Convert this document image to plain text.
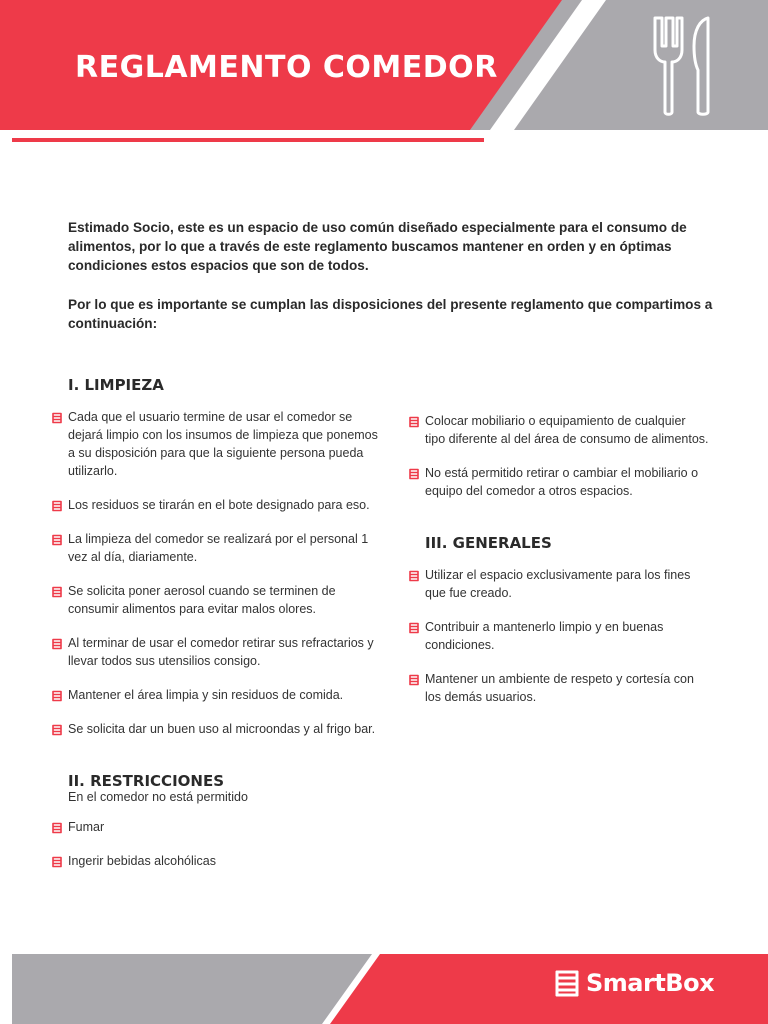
REGLAMENTO COMEDOR

Estimado Socio, este es un espacio de uso común diseñado especialmente para el consumo de alimentos, por lo que a través de este reglamento buscamos mantener en orden y en óptimas condiciones estos espacios que son de todos.

Por lo que es importante se cumplan las disposiciones del presente reglamento que compartimos a continuación:

I. LIMPIEZA
Cada que el usuario termine de usar el comedor se dejará limpio con los insumos de limpieza que ponemos a su disposición para que la siguiente persona pueda utilizarlo.
Los residuos se tirarán en el bote designado para eso.
La limpieza del comedor se realizará por el personal 1 vez al día, diariamente.
Se solicita poner aerosol cuando se terminen de consumir alimentos para evitar malos olores.
Al terminar de usar el comedor retirar sus refractarios y llevar todos sus utensilios consigo.
Mantener el área limpia y sin residuos de comida.
Se solicita dar un buen uso al microondas y al frigo bar.
II. RESTRICCIONES
En el comedor no está permitido
Fumar
Ingerir bebidas alcohólicas
Colocar mobiliario o equipamiento de cualquier tipo diferente al del área de consumo de alimentos.
No está permitido retirar o cambiar el mobiliario o equipo del comedor a otros espacios.
III. GENERALES
Utilizar el espacio exclusivamente para los fines que fue creado.
Contribuir a mantenerlo limpio y en buenas condiciones.
Mantener un ambiente de respeto y cortesía con los demás usuarios.
SmartBox
